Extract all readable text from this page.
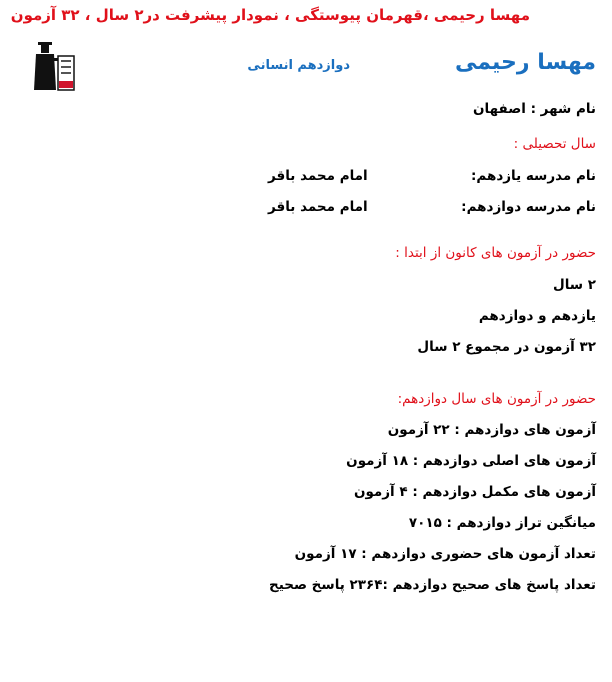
مهسا رحیمی ،قهرمان پیوستگی ، نمودار پیشرفت در۲ سال ، ۳۲ آزمون
مهسا رحیمی
دوازدهم انسانی
نام شهر : اصفهان
سال تحصیلی :
نام مدرسه یازدهم:
امام محمد باقر
نام مدرسه دوازدهم:
امام محمد باقر
حضور در آزمون های کانون از ابتدا :
۲ سال
یازدهم و دوازدهم
۳۲ آزمون در مجموع ۲ سال
حضور در آزمون های سال دوازدهم:
آزمون های دوازدهم : ۲۲ آزمون
آزمون های اصلی دوازدهم : ۱۸ آزمون
آزمون های مکمل دوازدهم : ۴ آزمون
میانگین تراز دوازدهم : ۷۰۱۵
تعداد آزمون های حضوری دوازدهم : ۱۷ آزمون
تعداد پاسخ های صحیح دوازدهم :۲۳۶۴ پاسخ صحیح
